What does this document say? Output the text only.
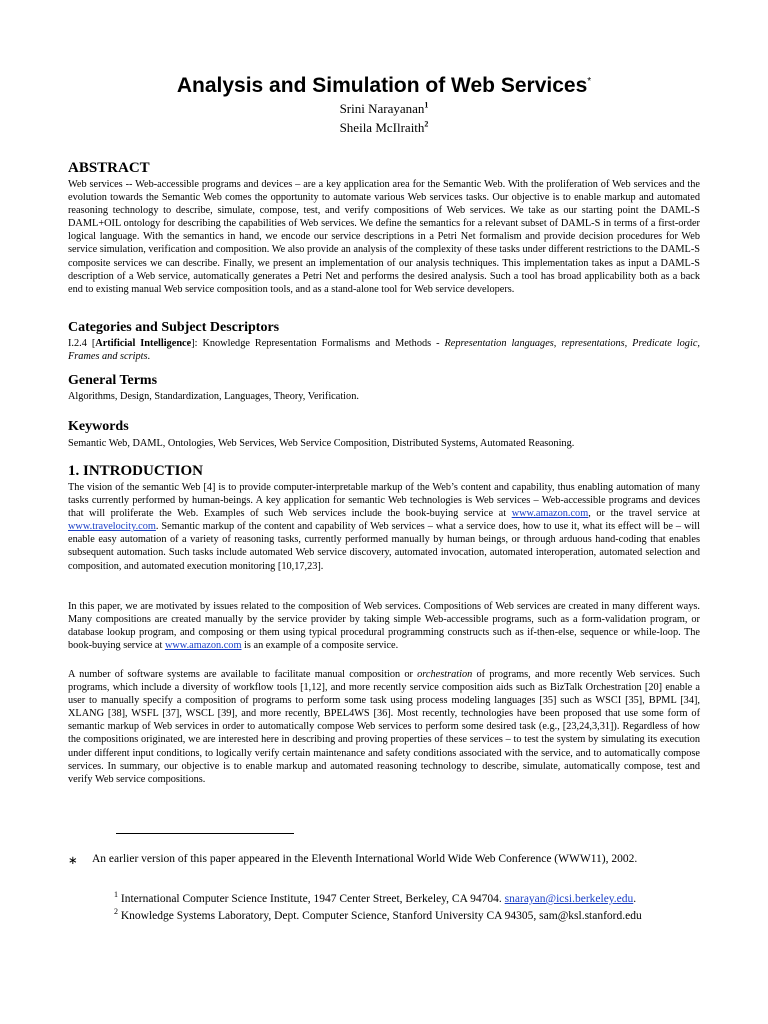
Analysis and Simulation of Web Services*

Srini Narayanan$^1$

Sheila McIlraith$^2$

ABSTRACT

Web services -- Web-accessible programs and devices – are a key application area for the Semantic Web. With the proliferation of Web services and the evolution towards the Semantic Web comes the opportunity to automate various Web services tasks. Our objective is to enable markup and automated reasoning technology to describe, simulate, compose, test, and verify compositions of Web services. We take as our starting point the DAML-S DAML+OIL ontology for describing the capabilities of Web services. We define the semantics for a relevant subset of DAML-S in terms of a first-order logical language. With the semantics in hand, we encode our service descriptions in a Petri Net formalism and provide decision procedures for Web service simulation, verification and composition. We also provide an analysis of the complexity of these tasks under different restrictions to the DAML-S composite services we can describe. Finally, we present an implementation of our analysis techniques. This implementation takes as input a DAML-S description of a Web service, automatically generates a Petri Net and performs the desired analysis. Such a tool has broad applicability both as a back end to existing manual Web service composition tools, and as a stand-alone tool for Web service developers.

Categories and Subject Descriptors

I.2.4 [Artificial Intelligence]: Knowledge Representation Formalisms and Methods - Representation languages, representations, Predicate logic, Frames and scripts.

General Terms

Algorithms, Design, Standardization, Languages, Theory, Verification.

Keywords

Semantic Web, DAML, Ontologies, Web Services, Web Service Composition, Distributed Systems, Automated Reasoning.

1. INTRODUCTION

The vision of the semantic Web [4] is to provide computer-interpretable markup of the Web’s content and capability, thus enabling automation of many tasks currently performed by human-beings. A key application for semantic Web technologies is Web services – Web-accessible programs and devices that will proliferate the Web. Examples of such Web services include the book-buying service at www.amazon.com, or the travel service at www.travelocity.com. Semantic markup of the content and capability of Web services – what a service does, how to use it, what its effect will be – will enable easy automation of a variety of reasoning tasks, currently performed manually by human beings, or through arduous hand-coding that enables subsequent automation. Such tasks include automated Web service discovery, automated invocation, automated interoperation, automated selection and composition, and automated execution monitoring [10,17,23].

In this paper, we are motivated by issues related to the composition of Web services. Compositions of Web services are created in many different ways. Many compositions are created manually by the service provider by taking simple Web-accessible programs, such as a form-validation program, or database lookup program, and composing or them using typical procedural programming constructs such as if-then-else, sequence or while-loop. The book-buying service at www.amazon.com is an example of a composite service.

A number of software systems are available to facilitate manual composition or orchestration of programs, and more recently Web services. Such programs, which include a diversity of workflow tools [1,12], and more recently service composition aids such as BizTalk Orchestration [20] enable a user to manually specify a composition of programs to perform some task using process modeling languages [35] such as WSCI [35], BPML [34], XLANG [38], WSFL [37], WSCL [39], and more recently, BPEL4WS [36]. Most recently, technologies have been proposed that use some form of semantic markup of Web services in order to automatically compose Web services to perform some desired task (e.g., [23,24,3,31]). Regardless of how the compositions originated, we are interested here in describing and proving properties of these services – to test the system by simulating its execution under different input conditions, to logically verify certain maintenance and safety conditions associated with the service, and to automatically compose services. In summary, our objective is to enable markup and automated reasoning technology to describe, simulate, automatically compose, test and verify Web service compositions.

∗ An earlier version of this paper appeared in the Eleventh International World Wide Web Conference (WWW11), 2002.

$^1$ International Computer Science Institute, 1947 Center Street, Berkeley, CA 94704. snarayan@icsi.berkeley.edu.

$^2$ Knowledge Systems Laboratory, Dept. Computer Science, Stanford University CA 94305, sam@ksl.stanford.edu
